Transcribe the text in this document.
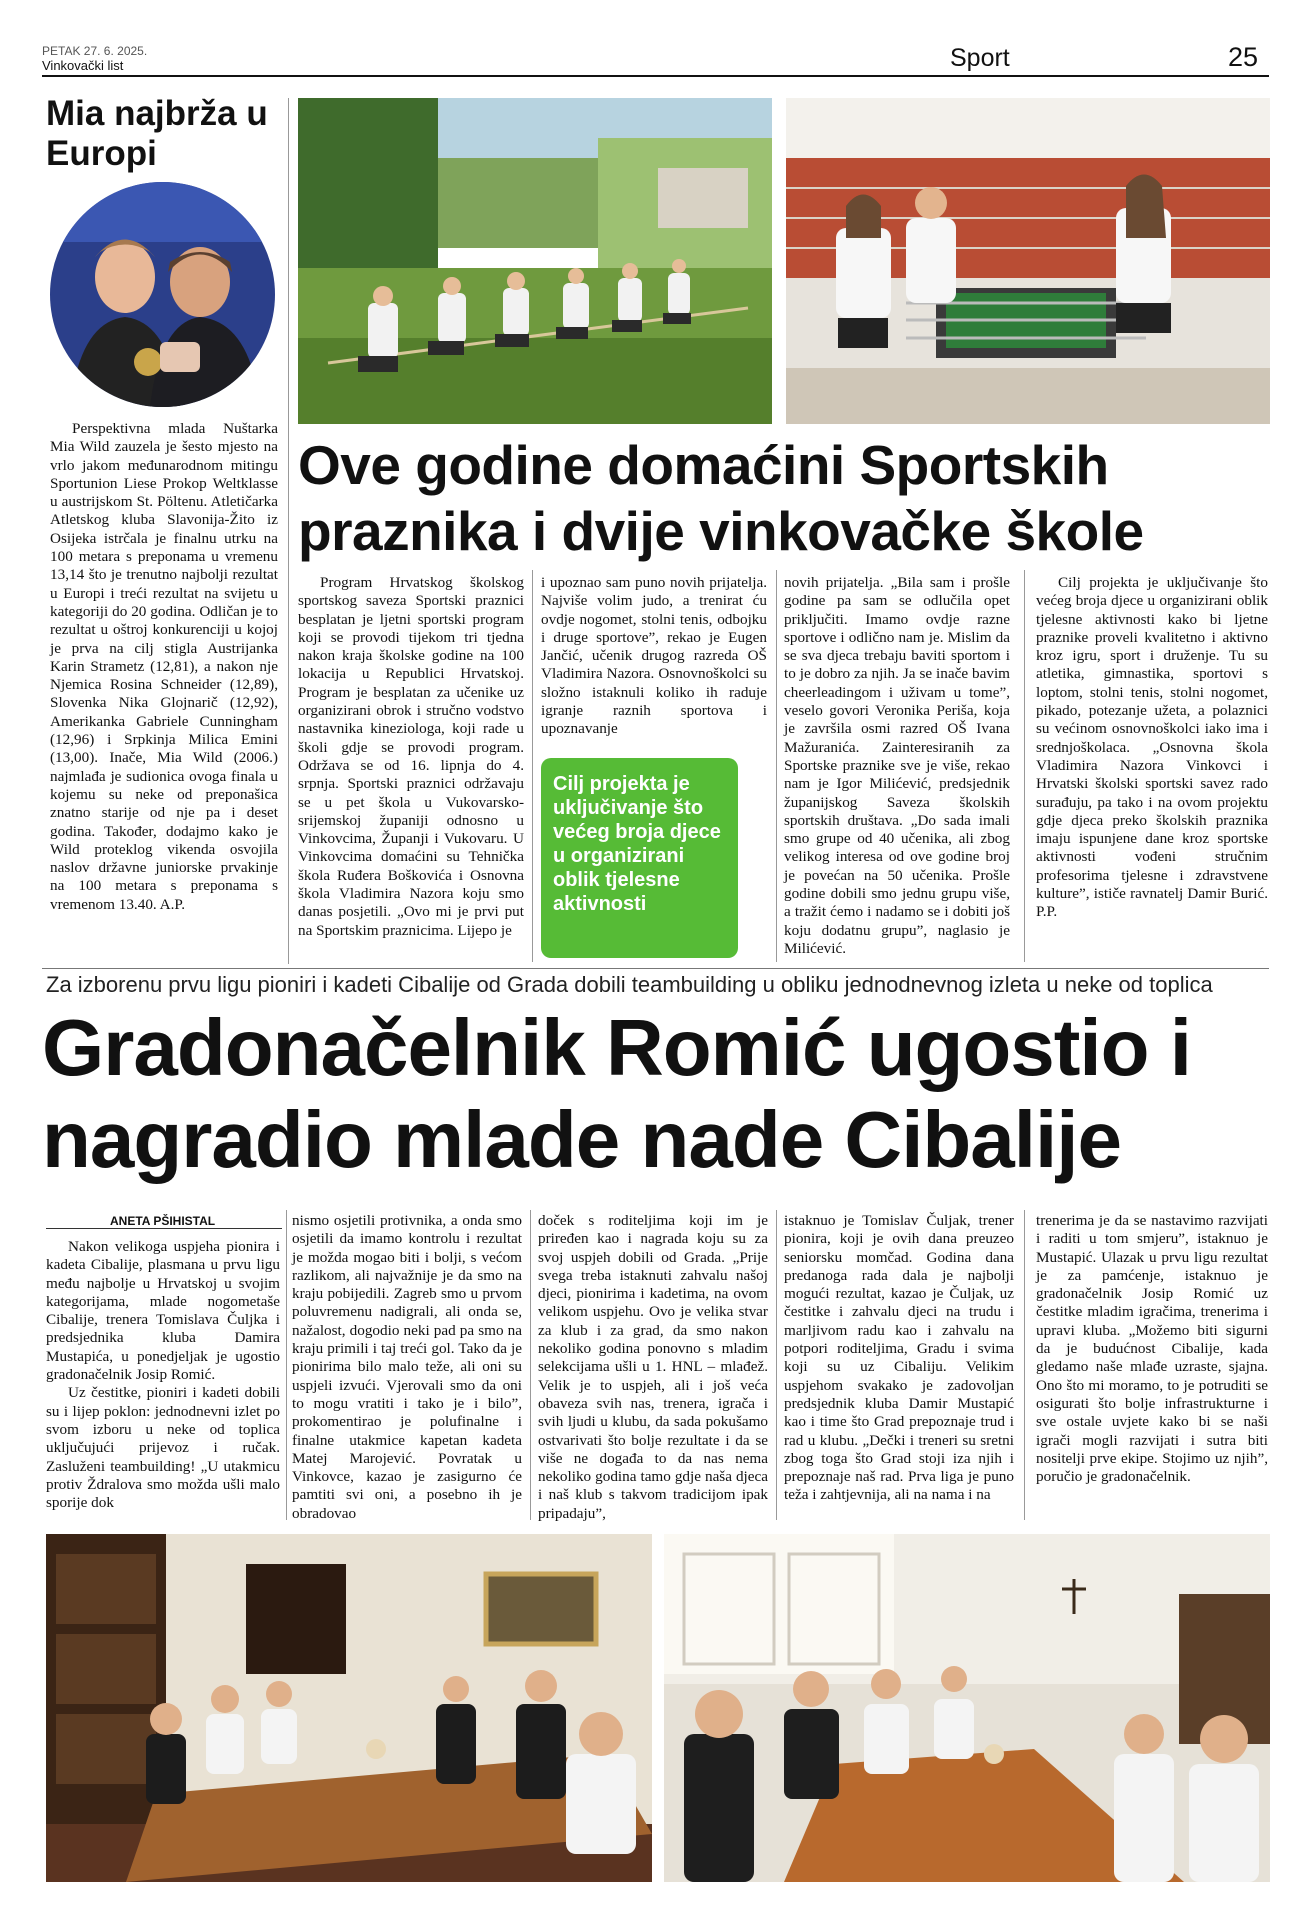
PETAK 27. 6. 2025.
Vinkovački list	Sport	25
Mia najbrža u Europi

Perspektivna mlada Nuštarka Mia Wild zauzela je šesto mjesto na vrlo jakom međunarodnom mitingu Sportunion Liese Prokop Weltklasse u austrijskom St. Pöltenu. Atletičarka Atletskog kluba Slavonija-Žito iz Osijeka istrčala je finalnu utrku na 100 metara s preponama u vremenu 13,14 što je trenutno najbolji rezultat u Europi i treći rezultat na svijetu u kategoriji do 20 godina. Odličan je to rezultat u oštroj konkurenciji u kojoj je prva na cilj stigla Austrijanka Karin Strametz (12,81), a nakon nje Njemica Rosina Schneider (12,89), Slovenka Nika Glojnarič (12,92), Amerikanka Gabriele Cunningham (12,96) i Srpkinja Milica Emini (13,00). Inače, Mia Wild (2006.) najmlađa je sudionica ovoga finala u kojemu su neke od preponašica znatno starije od nje pa i deset godina. Također, dodajmo kako je Wild proteklog vikenda osvojila naslov državne juniorske prvakinje na 100 metara s preponama s vremenom 13.40. A.P.

Ove godine domaćini Sportskih praznika i dvije vinkovačke škole

Program Hrvatskog školskog sportskog saveza Sportski praznici besplatan je ljetni sportski program koji se provodi tijekom tri tjedna nakon kraja školske godine na 100 lokacija u Republici Hrvatskoj. Program je besplatan za učenike uz organizirani obrok i stručno vodstvo nastavnika kineziologa, koji rade u školi gdje se provodi program. Održava se od 16. lipnja do 4. srpnja. Sportski praznici održavaju se u pet škola u Vukovarsko-srijemskoj županiji odnosno u Vinkovcima, Županji i Vukovaru. U Vinkovcima domaćini su Tehnička škola Ruđera Boškovića i Osnovna škola Vladimira Nazora koju smo danas posjetili. „Ovo mi je prvi put na Sportskim praznicima. Lijepo je

i upoznao sam puno novih prijatelja. Najviše volim judo, a trenirat ću ovdje nogomet, stolni tenis, odbojku i druge sportove”, rekao je Eugen Jančić, učenik drugog razreda OŠ Vladimira Nazora. Osnovnoškolci su složno istaknuli koliko ih raduje igranje raznih sportova i upoznavanje

Cilj projekta je uključivanje što većeg broja djece u organizirani oblik tjelesne aktivnosti

novih prijatelja. „Bila sam i prošle godine pa sam se odlučila opet priključiti. Imamo ovdje razne sportove i odlično nam je. Mislim da se sva djeca trebaju baviti sportom i to je dobro za njih. Ja se inače bavim cheerleadingom i uživam u tome”, veselo govori Veronika Periša, koja je završila osmi razred OŠ Ivana Mažuranića. Zainteresiranih za Sportske praznike sve je više, rekao nam je Igor Milićević, predsjednik županijskog Saveza školskih sportskih društava. „Do sada imali smo grupe od 40 učenika, ali zbog velikog interesa od ove godine broj je povećan na 50 učenika. Prošle godine dobili smo jednu grupu više, a tražit ćemo i nadamo se i dobiti još koju dodatnu grupu”, naglasio je Milićević.

Cilj projekta je uključivanje što većeg broja djece u organizirani oblik tjelesne aktivnosti kako bi ljetne praznike proveli kvalitetno i aktivno kroz igru, sport i druženje. Tu su atletika, gimnastika, sportovi s loptom, stolni tenis, stolni nogomet, pikado, potezanje užeta, a polaznici su većinom osnovnoškolci iako ima i srednjoškolaca. „Osnovna škola Vladimira Nazora Vinkovci i Hrvatski školski sportski savez rado surađuju, pa tako i na ovom projektu gdje djeca preko školskih praznika imaju ispunjene dane kroz sportske aktivnosti vođeni stručnim profesorima tjelesne i zdravstvene kulture”, ističe ravnatelj Damir Burić. P.P.

Za izborenu prvu ligu pioniri i kadeti Cibalije od Grada dobili teambuilding u obliku jednodnevnog izleta u neke od toplica
Gradonačelnik Romić ugostio i nagradio mlade nade Cibalije
ANETA PŠIHISTAL

Nakon velikoga uspjeha pionira i kadeta Cibalije, plasmana u prvu ligu među najbolje u Hrvatskoj u svojim kategorijama, mlade nogometaše Cibalije, trenera Tomislava Čuljka i predsjednika kluba Damira Mustapića, u ponedjeljak je ugostio gradonačelnik Josip Romić.

Uz čestitke, pioniri i kadeti dobili su i lijep poklon: jednodnevni izlet po svom izboru u neke od toplica uključujući prijevoz i ručak. Zasluženi teambuilding! „U utakmicu protiv Ždralova smo možda ušli malo sporije dok

nismo osjetili protivnika, a onda smo osjetili da imamo kontrolu i rezultat je možda mogao biti i bolji, s većom razlikom, ali najvažnije je da smo na kraju pobijedili. Zagreb smo u prvom poluvremenu nadigrali, ali onda se, nažalost, dogodio neki pad pa smo na kraju primili i taj treći gol. Tako da je pionirima bilo malo teže, ali oni su uspjeli izvući. Vjerovali smo da oni to mogu vratiti i tako je i bilo”, prokomentirao je polufinalne i finalne utakmice kapetan kadeta Matej Marojević. Povratak u Vinkovce, kazao je zasigurno će pamtiti svi oni, a posebno ih je obradovao

doček s roditeljima koji im je priređen kao i nagrada koju su za svoj uspjeh dobili od Grada. „Prije svega treba istaknuti zahvalu našoj djeci, pionirima i kadetima, na ovom velikom uspjehu. Ovo je velika stvar za klub i za grad, da smo nakon nekoliko godina ponovno s mladim selekcijama ušli u 1. HNL – mlađež. Velik je to uspjeh, ali i još veća obaveza svih nas, trenera, igrača i svih ljudi u klubu, da sada pokušamo ostvarivati što bolje rezultate i da se više ne događa to da nas nema nekoliko godina tamo gdje naša djeca i naš klub s takvom tradicijom ipak pripadaju”,

istaknuo je Tomislav Čuljak, trener pionira, koji je ovih dana preuzeo seniorsku momčad. Godina dana predanoga rada dala je najbolji mogući rezultat, kazao je Čuljak, uz čestitke i zahvalu djeci na trudu i marljivom radu kao i zahvalu na potpori roditeljima, Gradu i svima koji su uz Cibaliju. Velikim uspjehom svakako je zadovoljan predsjednik kluba Damir Mustapić kao i time što Grad prepoznaje trud i rad u klubu. „Dečki i treneri su sretni zbog toga što Grad stoji iza njih i prepoznaje naš rad. Prva liga je puno teža i zahtjevnija, ali na nama i na

trenerima je da se nastavimo razvijati i raditi u tom smjeru”, istaknuo je Mustapić. Ulazak u prvu ligu rezultat je za pamćenje, istaknuo je gradonačelnik Josip Romić uz čestitke mladim igračima, trenerima i upravi kluba. „Možemo biti sigurni da je budućnost Cibalije, kada gledamo naše mlađe uzraste, sjajna. Ono što mi moramo, to je potruditi se osigurati što bolje infrastrukturne i sve ostale uvjete kako bi se naši igrači mogli razvijati i sutra biti nositelji prve ekipe. Stojimo uz njih”, poručio je gradonačelnik.
